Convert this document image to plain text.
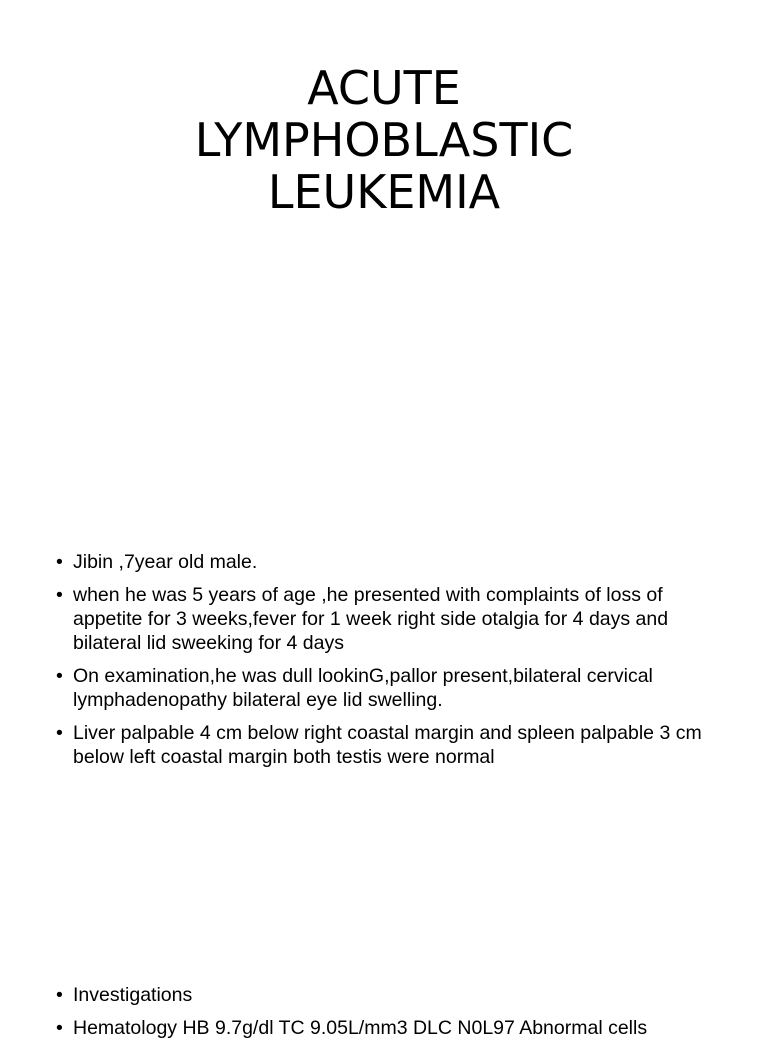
ACUTE
LYMPHOBLASTIC
LEUKEMIA
• Jibin ,7year old male.
• when he was 5 years of age ,he presented with complaints of loss of appetite for 3 weeks,fever for 1 week right side otalgia for 4 days and bilateral lid sweeking for 4 days
• On examination,he was dull lookinG,pallor present,bilateral cervical lymphadenopathy bilateral eye lid swelling.
• Liver palpable 4 cm below right coastal margin and spleen palpable 3 cm below left coastal margin both testis were normal
• Investigations
• Hematology HB 9.7g/dl TC 9.05L/mm3 DLC N0L97 Abnormal cells
